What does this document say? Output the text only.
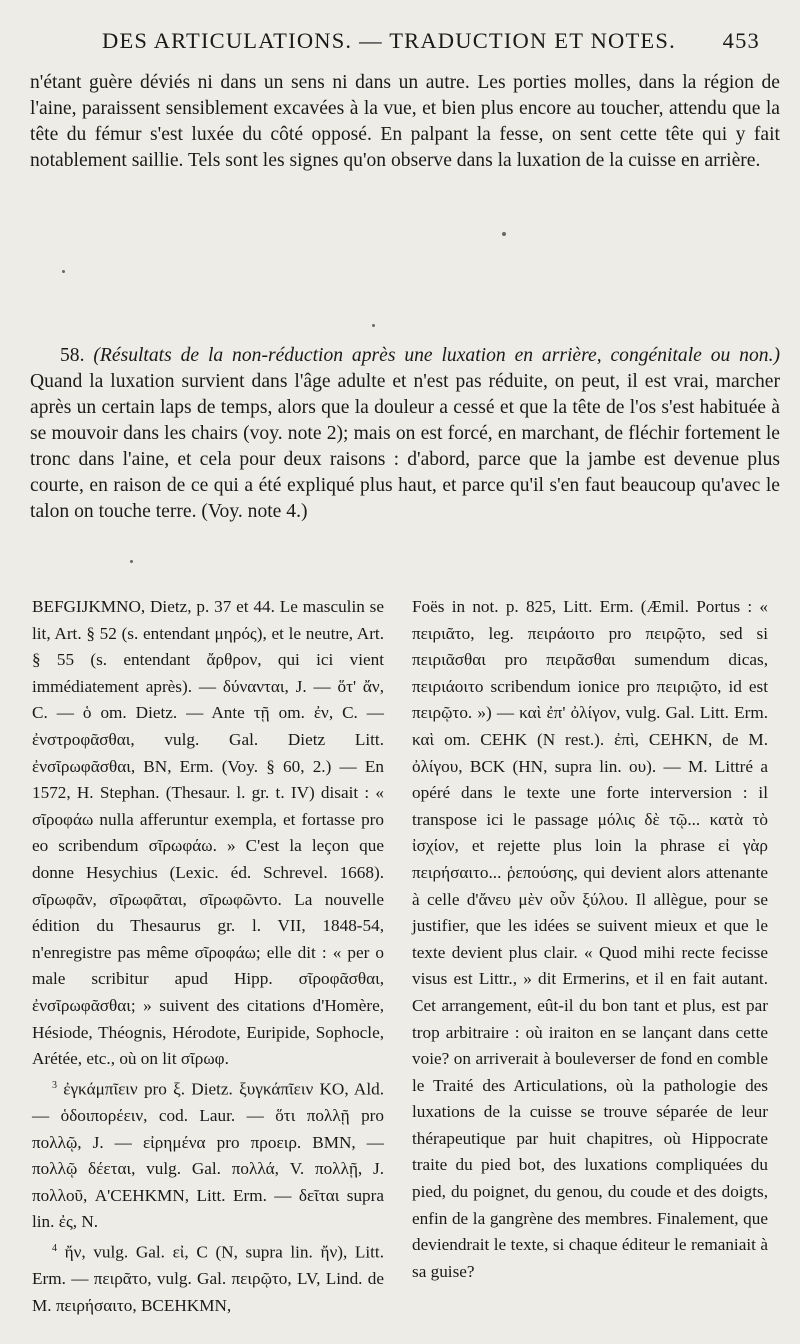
DES ARTICULATIONS. — TRADUCTION ET NOTES. 453

n'étant guère déviés ni dans un sens ni dans un autre. Les porties molles, dans la région de l'aine, paraissent sensiblement excavées à la vue, et bien plus encore au toucher, attendu que la tête du fémur s'est luxée du côté opposé. En palpant la fesse, on sent cette tête qui y fait notablement saillie. Tels sont les signes qu'on observe dans la luxation de la cuisse en arrière.

58. (Résultats de la non-réduction après une luxation en arrière, congénitale ou non.) Quand la luxation survient dans l'âge adulte et n'est pas réduite, on peut, il est vrai, marcher après un certain laps de temps, alors que la douleur a cessé et que la tête de l'os s'est habituée à se mouvoir dans les chairs (voy. note 2); mais on est forcé, en marchant, de fléchir fortement le tronc dans l'aine, et cela pour deux raisons : d'abord, parce que la jambe est devenue plus courte, en raison de ce qui a été expliqué plus haut, et parce qu'il s'en faut beaucoup qu'avec le talon on touche terre. (Voy. note 4.)

BEFGIJKMNO, Dietz, p. 37 et 44. Le masculin se lit, Art. § 52 (s. entendant μηρός), et le neutre, Art. § 55 (s. entendant ἄρθρον, qui ici vient immédiatement après). — δύνανται, J. — ὅτ' ἄν, C. — ὁ om. Dietz. — Ante τῇ om. ἐν, C. — ἐνστροφᾶσθαι, vulg. Gal. Dietz Litt. ἐνσῖρωφᾶσθαι, BN, Erm. (Voy. § 60, 2.) — En 1572, H. Stephan. (Thesaur. l. gr. t. IV) disait : « σῖροφάω nulla afferuntur exempla, et fortasse pro eo scribendum σῖρωφάω. » C'est la leçon que donne Hesychius (Lexic. éd. Schrevel. 1668). σῖρωφᾶν, σῖρωφᾶται, σῖρωφῶντο. La nouvelle édition du Thesaurus gr. l. VII, 1848-54, n'enregistre pas même σῖροφάω; elle dit : « per ο male scribitur apud Hipp. σῖροφᾶσθαι, ἐνσῖρωφᾶσθαι; » suivent des citations d'Homère, Hésiode, Théognis, Hérodote, Euripide, Sophocle, Arétée, etc., où on lit σῖρωφ.
$^3$ ἐγκάμπῖειν pro ξ. Dietz. ξυγκάπῖειν KO, Ald. — ὁδοιπορέειν, cod. Laur. — ὅτι πολλῇ pro πολλῷ, J. — εἰρημένα pro προειρ. BMN, — πολλῷ δέεται, vulg. Gal. πολλά, V. πολλῇ, J. πολλοῦ, A'CEHKMN, Litt. Erm. — δεῖται supra lin. ἐς, N.
$^4$ ἤν, vulg. Gal. εἰ, C (N, supra lin. ἤν), Litt. Erm. — πειρᾶτο, vulg. Gal. πειρῷτο, LV, Lind. de M. πειρήσαιτο, BCEHKMN,
Foës in not. p. 825, Litt. Erm. (Æmil. Portus : « πειριᾶτο, leg. πειράοιτο pro πειρῷτο, sed si πειριᾶσθαι pro πειρᾶσθαι sumendum dicas, πειριάοιτο scribendum ionice pro πειριῷτο, id est πειρῷτο. ») — καὶ ἐπ' ὀλίγον, vulg. Gal. Litt. Erm. καὶ om. CEHK (N rest.). ἐπὶ, CEHKN, de M. ὀλίγου, BCK (HN, supra lin. ου). — M. Littré a opéré dans le texte une forte interversion : il transpose ici le passage μόλις δὲ τῷ... κατὰ τὸ ἰσχίον, et rejette plus loin la phrase εἰ γὰρ πειρήσαιτο... ῥεπούσης, qui devient alors attenante à celle d'ἄνευ μὲν οὖν ξύλου. Il allègue, pour se justifier, que les idées se suivent mieux et que le texte devient plus clair. « Quod mihi recte fecisse visus est Littr., » dit Ermerins, et il en fait autant. Cet arrangement, eût-il du bon tant et plus, est par trop arbitraire : où iraiton en se lançant dans cette voie? on arriverait à bouleverser de fond en comble le Traité des Articulations, où la pathologie des luxations de la cuisse se trouve séparée de leur thérapeutique par huit chapitres, où Hippocrate traite du pied bot, des luxations compliquées du pied, du poignet, du genou, du coude et des doigts, enfin de la gangrène des membres. Finalement, que deviendrait le texte, si chaque éditeur le remaniait à sa guise?
